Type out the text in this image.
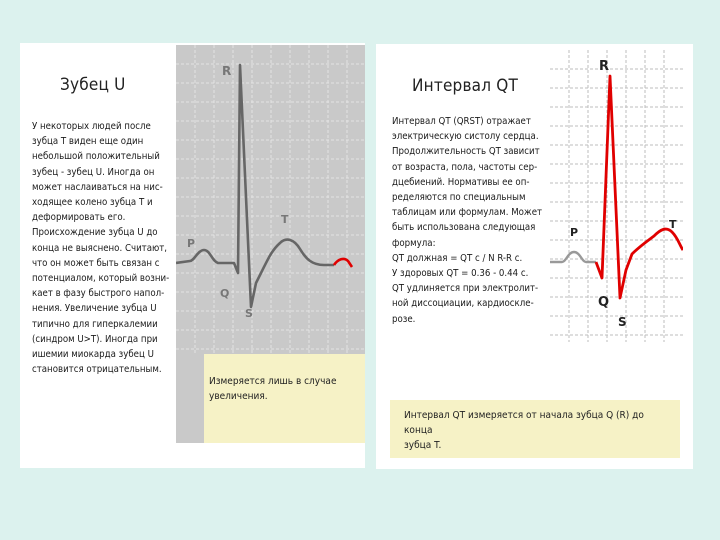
Зубец U
У некоторых людей после
зубца Т виден еще один
небольшой положительный
зубец - зубец U. Иногда он
может наслаиваться на нис-
ходящее колено зубца Т и
деформировать его.
Происхождение зубца U до
конца не выяснено. Считают,
что он может быть связан с
потенциалом, который возни-
кает в фазу быстрого напол-
нения. Увеличение зубца U
типично для гиперкалемии
(синдром U>T). Иногда при
ишемии миокарда зубец U
становится отрицательным.
R
T
P
Q
S
Измеряется лишь в случае
увеличения.
Интервал QT
Интервал QT (QRST) отражает
электрическую систолу сердца.
Продолжительность QT зависит
от возраста, пола, частоты сер-
дцебиений. Нормативы ее оп-
ределяются по специальным
таблицам или формулам. Может
быть использована следующая
формула:
QT должная = QT c / N R-R c.
У здоровых QT = 0.36 - 0.44 c.
QT удлиняется при электролит-
ной диссоциации, кардиоскле-
розе.
R
T
P
Q
S
Интервал QT измеряется от начала зубца Q (R) до конца
зубца T.
